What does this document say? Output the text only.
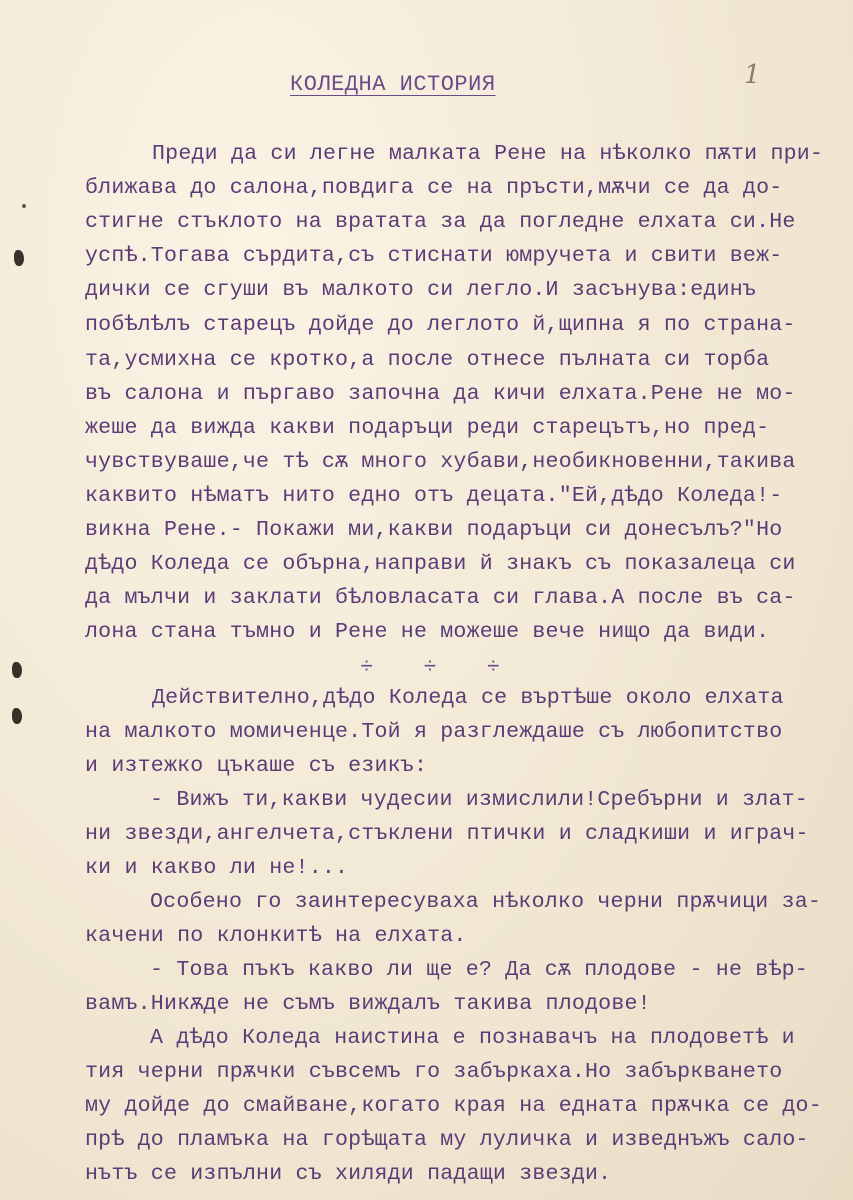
КОЛЕДНА ИСТОРИЯ	1
Преди да си легне малката Рене на нѣколко пѫти при-
ближава до салона,повдига се на пръсти,мѫчи се да до-
стигне стъклото на вратата за да погледне елхата си.Не
успѣ.Тогава сърдита,съ стиснати юмручета и свити веж-
дички се сгуши въ малкото си легло.И засънува:единъ
побѣлѣлъ старецъ дойде до леглото й,щипна я по страна-
та,усмихна се кротко,а после отнесе пълната си торба
въ салона и пъргаво започна да кичи елхата.Рене не мо-
жеше да вижда какви подаръци реди старецътъ,но пред-
чувствуваше,че тѣ сѫ много хубави,необикновенни,такива
каквито нѣматъ нито едно отъ децата."Ей,дѣдо Коледа!-
викна Рене.- Покажи ми,какви подаръци си донесълъ?"Но
дѣдо Коледа се обърна,направи й знакъ съ показалеца си
да мълчи и заклати бѣловласата си глава.А после въ са-
лона стана тъмно и Рене не можеше вече нищо да види.
Действително,дѣдо Коледа се въртѣше около елхата
на малкото момиченце.Той я разглеждаше съ любопитство
и изтежко цъкаше съ езикъ:
- Вижъ ти,какви чудесии измислили!Сребърни и злат-
ни звезди,ангелчета,стъклени птички и сладкиши и играч-
ки и какво ли не!...
Особено го заинтересуваха нѣколко черни прѫчици за-
качени по клонкитѣ на елхата.
- Това пъкъ какво ли ще е? Да сѫ плодове - не вѣр-
вамъ.Никѫде не съмъ виждалъ такива плодове!
А дѣдо Коледа наистина е познавачъ на плодоветѣ и
тия черни прѫчки съвсемъ го забъркаха.Но забъркването
му дойде до смайване,когато края на едната прѫчка се до-
прѣ до пламъка на горѣщата му луличка и изведнъжъ сало-
нътъ се изпълни съ хиляди падащи звезди.
÷ ÷ ÷
